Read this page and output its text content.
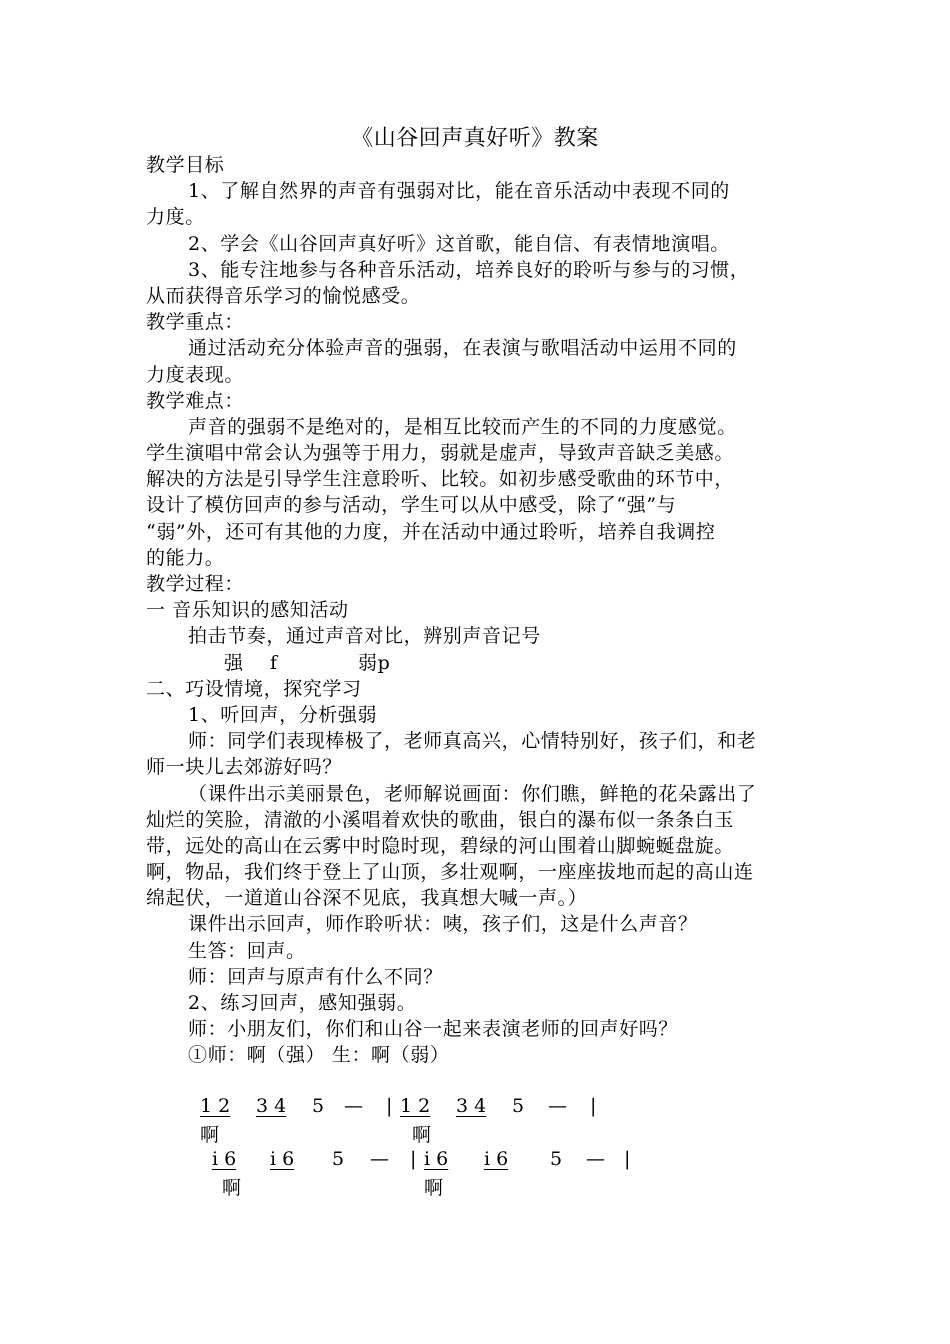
《山谷回声真好听》教案
教学目标
1、了解自然界的声音有强弱对比，能在音乐活动中表现不同的
力度。
2、学会《山谷回声真好听》这首歌，能自信、有表情地演唱。
3、能专注地参与各种音乐活动，培养良好的聆听与参与的习惯，
从而获得音乐学习的愉悦感受。
教学重点：
通过活动充分体验声音的强弱，在表演与歌唱活动中运用不同的
力度表现。
教学难点：
声音的强弱不是绝对的，是相互比较而产生的不同的力度感觉。
学生演唱中常会认为强等于用力，弱就是虚声，导致声音缺乏美感。
解决的方法是引导学生注意聆听、比较。如初步感受歌曲的环节中，
设计了模仿回声的参与活动，学生可以从中感受，除了“强”与
“弱”外，还可有其他的力度，并在活动中通过聆听，培养自我调控
的能力。
教学过程：
一 音乐知识的感知活动
拍击节奏，通过声音对比，辨别声音记号
强 f	弱p
二、巧设情境，探究学习
1、听回声，分析强弱
师：同学们表现棒极了，老师真高兴，心情特别好，孩子们，和老
师一块儿去郊游好吗？
（课件出示美丽景色，老师解说画面：你们瞧，鲜艳的花朵露出了
灿烂的笑脸，清澈的小溪唱着欢快的歌曲，银白的瀑布似一条条白玉
带，远处的高山在云雾中时隐时现，碧绿的河山围着山脚蜿蜒盘旋。
啊，物品，我们终于登上了山顶，多壮观啊，一座座拔地而起的高山连
绵起伏，一道道山谷深不见底，我真想大喊一声。）
课件出示回声，师作聆听状：咦，孩子们，这是什么声音？
生答：回声。
师：回声与原声有什么不同？
2、练习回声，感知强弱。
师：小朋友们，你们和山谷一起来表演老师的回声好吗？
①师：啊（强） 生：啊（弱）
1 2 3 4 5 — | 1 2 3 4 5 — |
啊	啊
i 6 i 6 5 — | i 6 i 6 5 — |
啊	啊
